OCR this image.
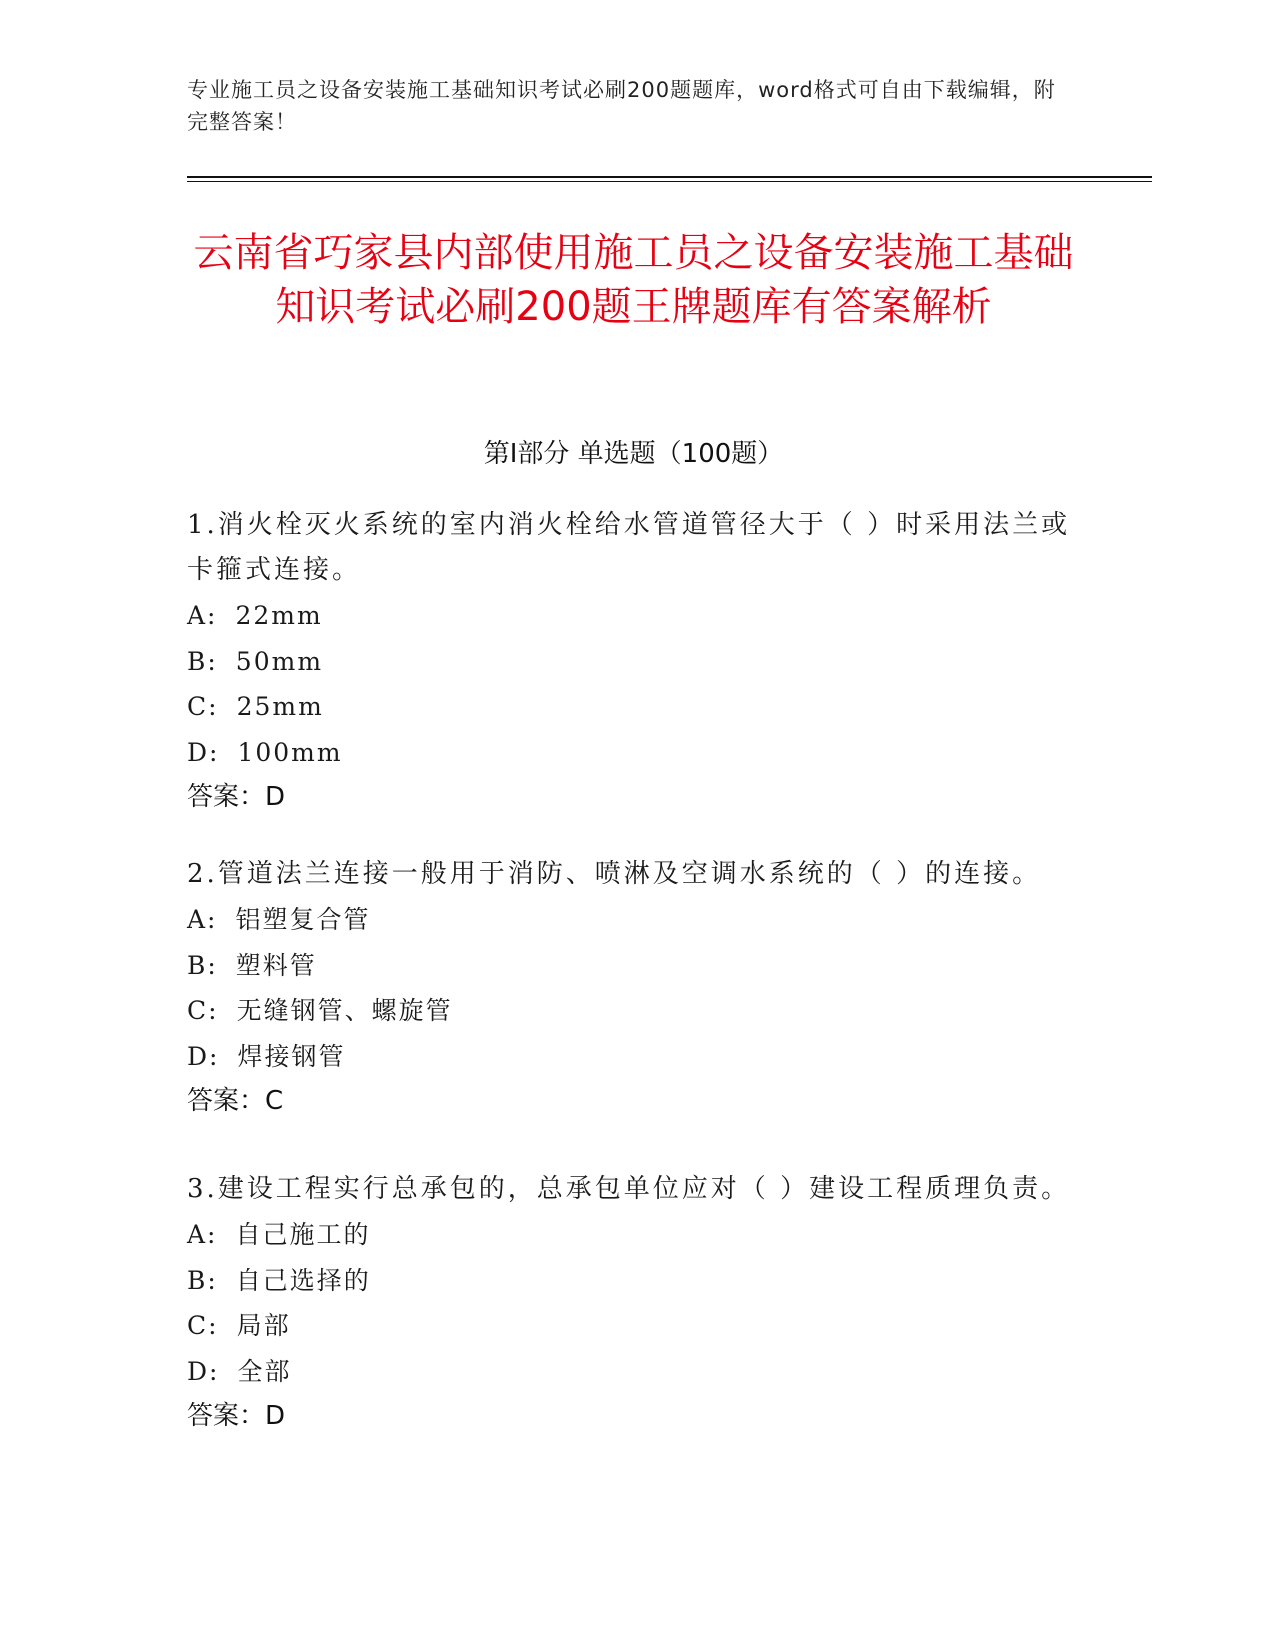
专业施工员之设备安装施工基础知识考试必刷200题题库，word格式可自由下载编辑，附完整答案！
云南省巧家县内部使用施工员之设备安装施工基础知识考试必刷200题王牌题库有答案解析
第Ⅰ部分 单选题（100题）

1.消火栓灭火系统的室内消火栓给水管道管径大于（ ）时采用法兰或卡箍式连接。

A: 22mm

B: 50mm

C: 25mm

D: 100mm

答案：D

2.管道法兰连接一般用于消防、喷淋及空调水系统的（ ）的连接。

A: 铝塑复合管

B: 塑料管

C: 无缝钢管、螺旋管

D: 焊接钢管

答案：C

3.建设工程实行总承包的，总承包单位应对（ ）建设工程质理负责。

A: 自己施工的

B: 自己选择的

C: 局部

D: 全部

答案：D
